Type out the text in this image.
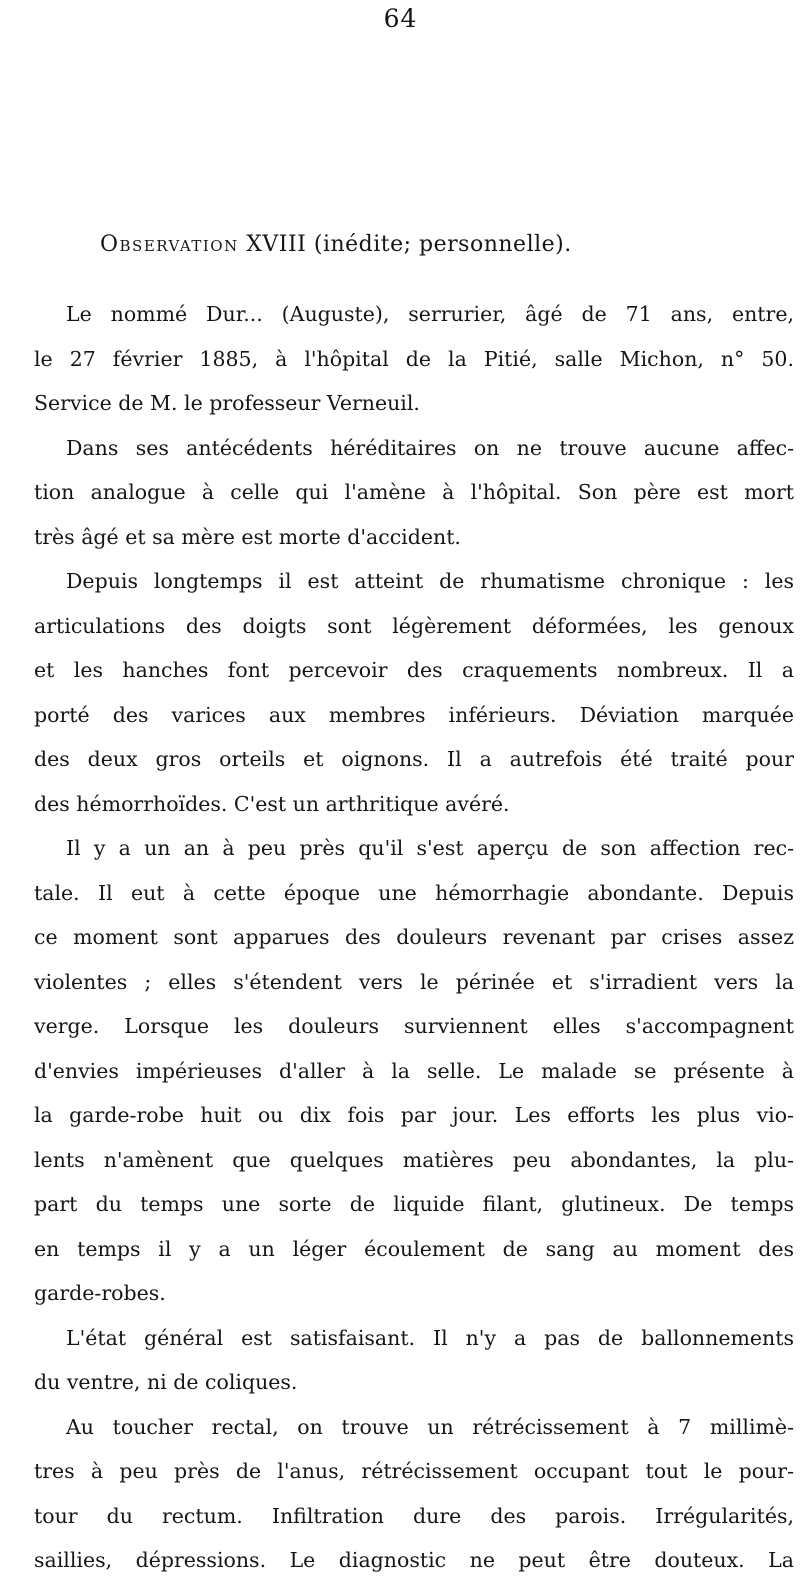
64
Observation XVIII (inédite; personnelle).
Le nommé Dur... (Auguste), serrurier, âgé de 71 ans, entre,
le 27 février 1885, à l'hôpital de la Pitié, salle Michon, n° 50.
Service de M. le professeur Verneuil.
Dans ses antécédents héréditaires on ne trouve aucune affec-
tion analogue à celle qui l'amène à l'hôpital. Son père est mort
très âgé et sa mère est morte d'accident.
Depuis longtemps il est atteint de rhumatisme chronique : les
articulations des doigts sont légèrement déformées, les genoux
et les hanches font percevoir des craquements nombreux. Il a
porté des varices aux membres inférieurs. Déviation marquée
des deux gros orteils et oignons. Il a autrefois été traité pour
des hémorrhoïdes. C'est un arthritique avéré.
Il y a un an à peu près qu'il s'est aperçu de son affection rec-
tale. Il eut à cette époque une hémorrhagie abondante. Depuis
ce moment sont apparues des douleurs revenant par crises assez
violentes ; elles s'étendent vers le périnée et s'irradient vers la
verge. Lorsque les douleurs surviennent elles s'accompagnent
d'envies impérieuses d'aller à la selle. Le malade se présente à
la garde-robe huit ou dix fois par jour. Les efforts les plus vio-
lents n'amènent que quelques matières peu abondantes, la plu-
part du temps une sorte de liquide filant, glutineux. De temps
en temps il y a un léger écoulement de sang au moment des
garde-robes.
L'état général est satisfaisant. Il n'y a pas de ballonnements
du ventre, ni de coliques.
Au toucher rectal, on trouve un rétrécissement à 7 millimè-
tres à peu près de l'anus, rétrécissement occupant tout le pour-
tour du rectum. Infiltration dure des parois. Irrégularités,
saillies, dépressions. Le diagnostic ne peut être douteux. La
